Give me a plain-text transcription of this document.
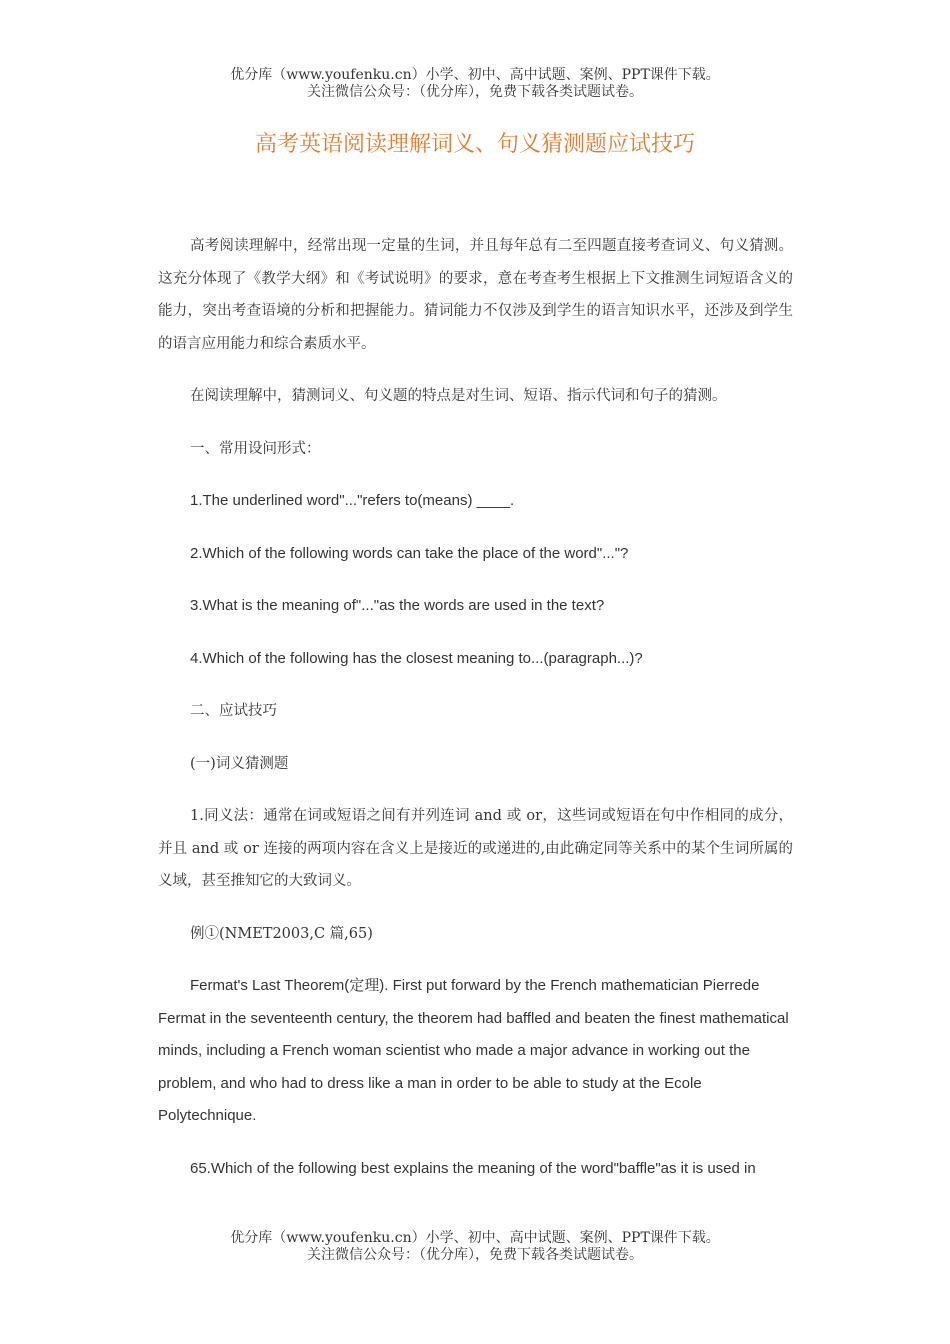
优分库（www.youfenku.cn）小学、初中、高中试题、案例、PPT课件下载。
关注微信公众号：（优分库），免费下载各类试题试卷。
高考英语阅读理解词义、句义猜测题应试技巧

高考阅读理解中，经常出现一定量的生词，并且每年总有二至四题直接考查词义、句义猜测。这充分体现了《教学大纲》和《考试说明》的要求，意在考查考生根据上下文推测生词短语含义的能力，突出考查语境的分析和把握能力。猜词能力不仅涉及到学生的语言知识水平，还涉及到学生的语言应用能力和综合素质水平。

在阅读理解中，猜测词义、句义题的特点是对生词、短语、指示代词和句子的猜测。

一、常用设问形式：

1.The underlined word"..."refers to(means) ____.

2.Which of the following words can take the place of the word"..."?

3.What is the meaning of"..."as the words are used in the text?

4.Which of the following has the closest meaning to...(paragraph...)?

二、应试技巧

(一)词义猜测题

1.同义法：通常在词或短语之间有并列连词 and 或 or，这些词或短语在句中作相同的成分，并且 and 或 or 连接的两项内容在含义上是接近的或递进的,由此确定同等关系中的某个生词所属的义域，甚至推知它的大致词义。

例①(NMET2003,C 篇,65)

Fermat's Last Theorem(定理). First put forward by the French mathematician Pierrede Fermat in the seventeenth century, the theorem had baffled and beaten the finest mathematical minds, including a French woman scientist who made a major advance in working out the problem, and who had to dress like a man in order to be able to study at the Ecole Polytechnique.

65.Which of the following best explains the meaning of the word"baffle"as it is used in

优分库（www.youfenku.cn）小学、初中、高中试题、案例、PPT课件下载。
关注微信公众号：（优分库），免费下载各类试题试卷。
